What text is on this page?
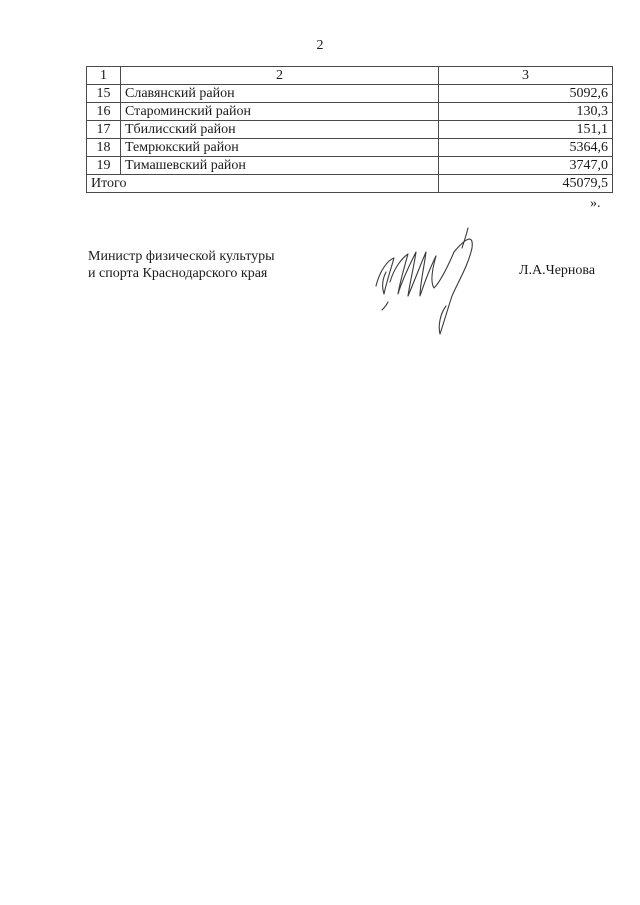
2
1	2	3
15	Славянский район	5092,6
16	Староминский район	130,3
17	Тбилисский район	151,1
18	Темрюкский район	5364,6
19	Тимашевский район	3747,0
Итого		45079,5
».
Министр физической культуры
и спорта Краснодарского края	Л.А.Чернова
